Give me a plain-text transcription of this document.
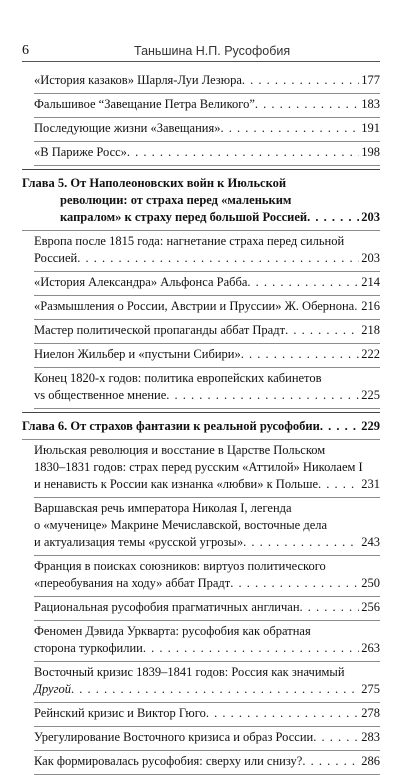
6	Таньшина Н.П. Русофобия
«История казаков» Шарля-Луи Лезюра . . .	177
Фальшивое “Завещание Петра Великого” . . .	183
Последующие жизни «Завещания» . . .	191
«В Париже Росс» . . .	198
Глава 5. От Наполеоновских войн к Июльской
революции: от страха перед «маленьким
капралом» к страху перед большой Россией . . .	203
Европа после 1815 года: нагнетание страха перед сильной
Россией . . .	203
«История Александра» Альфонса Рабба . . .	214
«Размышления о России, Австрии и Пруссии» Ж. Обернона . . . 216
Мастер политической пропаганды аббат Прадт . . .	218
Ниелон Жильбер и «пустыни Сибири» . . .	222
Конец 1820-х годов: политика европейских кабинетов
vs общественное мнение . . .	225
Глава 6. От страхов фантазии к реальной русофобии . . .	229
Июльская революция и восстание в Царстве Польском
1830–1831 годов: страх перед русским «Аттилой» Николаем I
и ненависть к России как изнанка «любви» к Польше . . .	231
Варшавская речь императора Николая I, легенда
о «мученице» Макрине Мечиславской, восточные дела
и актуализация темы «русской угрозы» . . .	243
Франция в поисках союзников: виртуоз политического
«переобувания на ходу» аббат Прадт . . .	250
Рациональная русофобия прагматичных англичан . . .	256
Феномен Дэвида Уркварта: русофобия как обратная
сторона туркофилии . . .	263
Восточный кризис 1839–1841 годов: Россия как значимый
Другой . . .	275
Рейнский кризис и Виктор Гюго . . .	278
Урегулирование Восточного кризиса и образ России . . .	283
Как формировалась русофобия: сверху или снизу? . . .	286
